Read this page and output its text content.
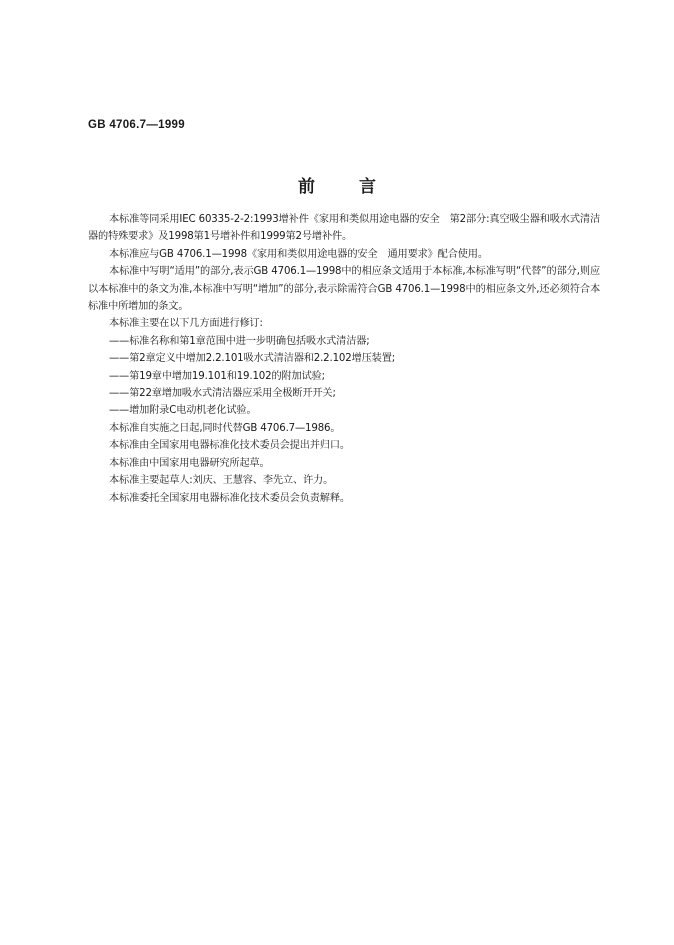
GB 4706.7—1999
前	言

本标准等同采用IEC 60335-2-2:1993增补件《家用和类似用途电器的安全　第2部分:真空吸尘器和吸水式清洁器的特殊要求》及1998第1号增补件和1999第2号增补件。

本标准应与GB 4706.1—1998《家用和类似用途电器的安全　通用要求》配合使用。

本标准中写明“适用”的部分,表示GB 4706.1—1998中的相应条文适用于本标准,本标准写明“代替”的部分,则应以本标准中的条文为准,本标准中写明“增加”的部分,表示除需符合GB 4706.1—1998中的相应条文外,还必须符合本标准中所增加的条文。

本标准主要在以下几方面进行修订:

——标准名称和第1章范围中进一步明确包括吸水式清洁器;

——第2章定义中增加2.2.101吸水式清洁器和2.2.102增压装置;

——第19章中增加19.101和19.102的附加试验;

——第22章增加吸水式清洁器应采用全极断开开关;

——增加附录C电动机老化试验。

本标准自实施之日起,同时代替GB 4706.7—1986。

本标准由全国家用电器标准化技术委员会提出并归口。

本标准由中国家用电器研究所起草。

本标准主要起草人:刘庆、王慧容、李先立、许力。

本标准委托全国家用电器标准化技术委员会负责解释。
